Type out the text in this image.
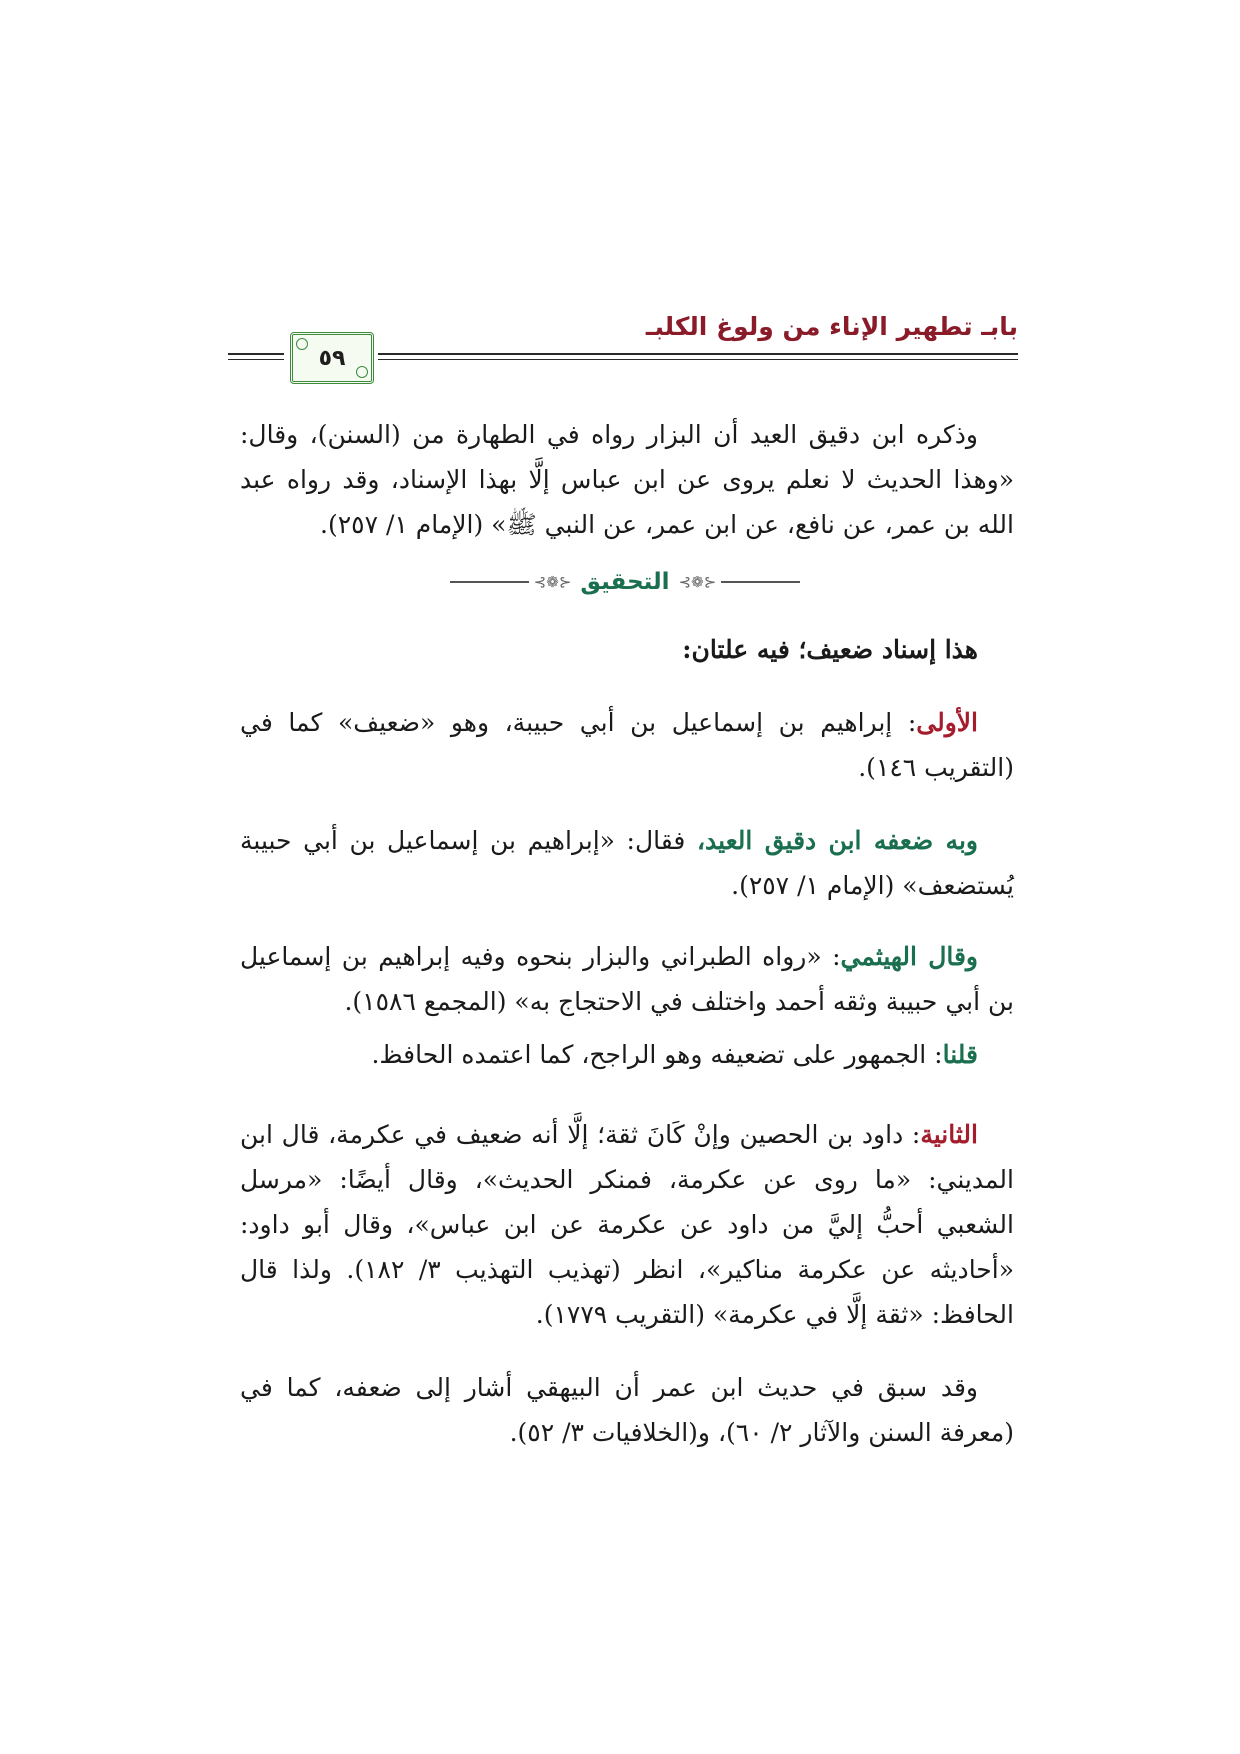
بابـ تطهير الإناء من ولوغ الكلبـ
٥٩

وذكره ابن دقيق العيد أن البزار رواه في الطهارة من (السنن)، وقال: «وهذا الحديث لا نعلم يروى عن ابن عباس إلَّا بهذا الإسناد، وقد رواه عبد الله بن عمر، عن نافع، عن ابن عمر، عن النبي ﷺ» (الإمام ١/ ٢٥٧).

⊰❁⊱
التحقيق
⊰❁⊱

هذا إسناد ضعيف؛ فيه علتان:

الأولى: إبراهيم بن إسماعيل بن أبي حبيبة، وهو «ضعيف» كما في (التقريب ١٤٦).

وبه ضعفه ابن دقيق العيد، فقال: «إبراهيم بن إسماعيل بن أبي حبيبة يُستضعف» (الإمام ١/ ٢٥٧).

وقال الهيثمي: «رواه الطبراني والبزار بنحوه وفيه إبراهيم بن إسماعيل بن أبي حبيبة وثقه أحمد واختلف في الاحتجاج به» (المجمع ١٥٨٦).

قلنا: الجمهور على تضعيفه وهو الراجح، كما اعتمده الحافظ.

الثانية: داود بن الحصين وإنْ كَانَ ثقة؛ إلَّا أنه ضعيف في عكرمة، قال ابن المديني: «ما روى عن عكرمة، فمنكر الحديث»، وقال أيضًا: «مرسل الشعبي أحبُّ إليَّ من داود عن عكرمة عن ابن عباس»، وقال أبو داود: «أحاديثه عن عكرمة مناكير»، انظر (تهذيب التهذيب ٣/ ١٨٢). ولذا قال الحافظ: «ثقة إلَّا في عكرمة» (التقريب ١٧٧٩).

وقد سبق في حديث ابن عمر أن البيهقي أشار إلى ضعفه، كما في (معرفة السنن والآثار ٢/ ٦٠)، و(الخلافيات ٣/ ٥٢).
